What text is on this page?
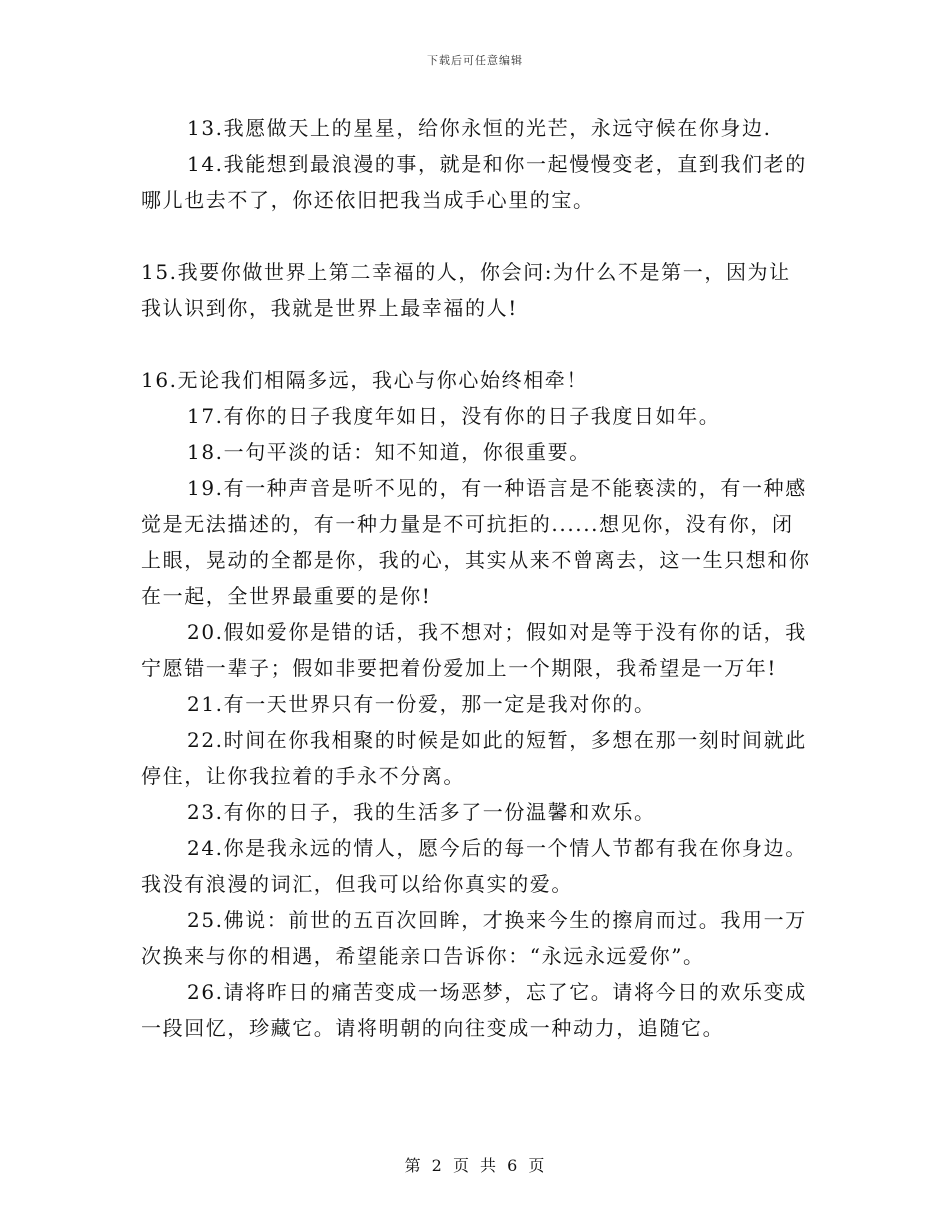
下载后可任意编辑

13.我愿做天上的星星，给你永恒的光芒，永远守候在你身边.

14.我能想到最浪漫的事，就是和你一起慢慢变老，直到我们老的哪儿也去不了，你还依旧把我当成手心里的宝。

15.我要你做世界上第二幸福的人，你会问:为什么不是第一，因为让我认识到你，我就是世界上最幸福的人!

16.无论我们相隔多远，我心与你心始终相牵！

17.有你的日子我度年如日，没有你的日子我度日如年。

18.一句平淡的话：知不知道，你很重要。

19.有一种声音是听不见的，有一种语言是不能亵渎的，有一种感觉是无法描述的，有一种力量是不可抗拒的......想见你，没有你，闭上眼，晃动的全都是你，我的心，其实从来不曾离去，这一生只想和你在一起，全世界最重要的是你!

20.假如爱你是错的话，我不想对；假如对是等于没有你的话，我宁愿错一辈子；假如非要把着份爱加上一个期限，我希望是一万年!

21.有一天世界只有一份爱，那一定是我对你的。

22.时间在你我相聚的时候是如此的短暂，多想在那一刻时间就此停住，让你我拉着的手永不分离。

23.有你的日子，我的生活多了一份温馨和欢乐。

24.你是我永远的情人，愿今后的每一个情人节都有我在你身边。我没有浪漫的词汇，但我可以给你真实的爱。

25.佛说：前世的五百次回眸，才换来今生的擦肩而过。我用一万次换来与你的相遇，希望能亲口告诉你：“永远永远爱你”。

26.请将昨日的痛苦变成一场恶梦，忘了它。请将今日的欢乐变成一段回忆，珍藏它。请将明朝的向往变成一种动力，追随它。

第 2 页 共 6 页
